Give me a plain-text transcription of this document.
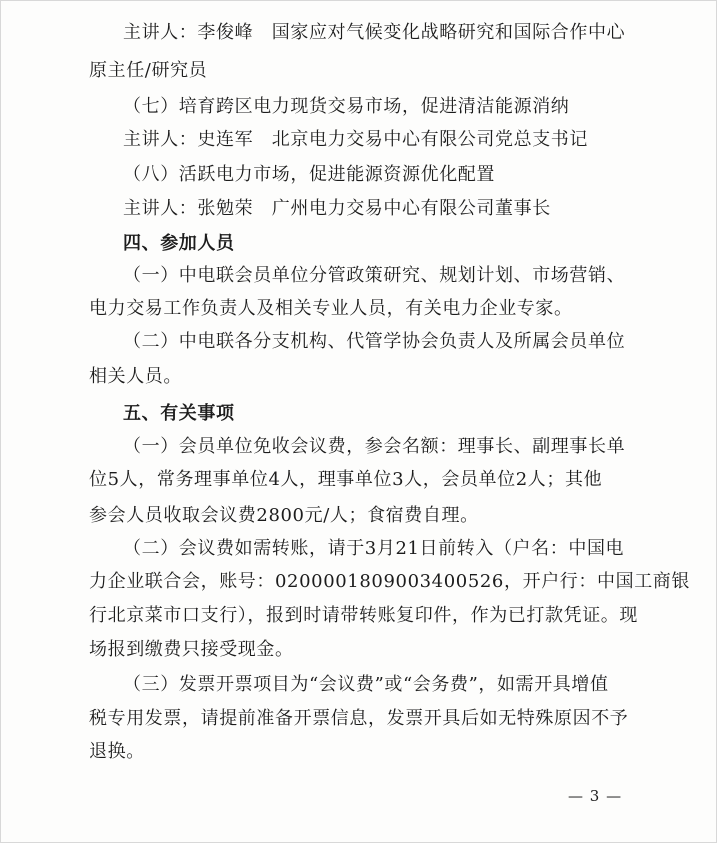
主讲人：李俊峰　国家应对气候变化战略研究和国际合作中心
原主任/研究员
（七）培育跨区电力现货交易市场，促进清洁能源消纳
主讲人：史连军　北京电力交易中心有限公司党总支书记
（八）活跃电力市场，促进能源资源优化配置
主讲人：张勉荣　广州电力交易中心有限公司董事长
四、参加人员
（一）中电联会员单位分管政策研究、规划计划、市场营销、
电力交易工作负责人及相关专业人员，有关电力企业专家。
（二）中电联各分支机构、代管学协会负责人及所属会员单位
相关人员。
五、有关事项
（一）会员单位免收会议费，参会名额：理事长、副理事长单
位5人，常务理事单位4人，理事单位3人，会员单位2人；其他
参会人员收取会议费2800元/人；食宿费自理。
（二）会议费如需转账，请于3月21日前转入（户名：中国电
力企业联合会，账号：0200001809003400526，开户行：中国工商银
行北京菜市口支行），报到时请带转账复印件，作为已打款凭证。现
场报到缴费只接受现金。
（三）发票开票项目为“会议费”或“会务费”，如需开具增值
税专用发票，请提前准备开票信息，发票开具后如无特殊原因不予
退换。
— 3 —
